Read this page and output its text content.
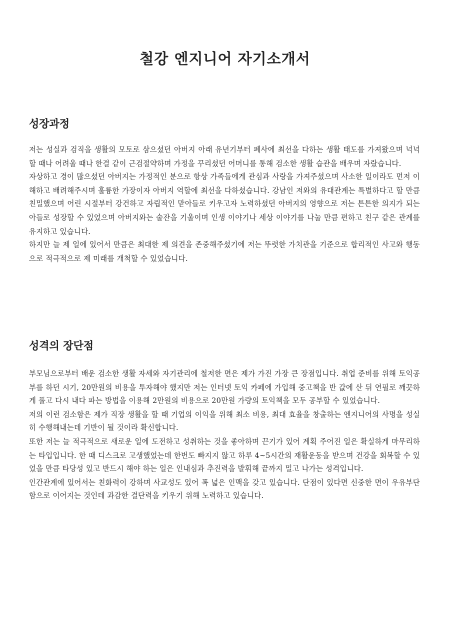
철강 엔지니어 자기소개서
성장과정

저는 성실과 검직을 생활의 모토로 삼으셨던 아버지 아래 유년기부터 폐사에 최선을 다하는 생활 태도를 가져왔으며 넉넉할 때나 어려울 때나 한결 같이 근검절약하며 가정을 꾸리셨던 어머니를 통해 검소한 생활 습관을 배우며 자랐습니다.

자상하고 경이 많으셨던 아버지는 가정적인 분으로 항상 가족들에게 관심과 사랑을 가져주셨으며 사소한 일이라도 먼저 이해하고 배려해주시며 훌륭한 가장이자 아버지 역할에 최선을 다하셨습니다. 강남인 저와의 유대관계는 특별하다고 할 만큼 친밀했으며 어린 시절부터 강건하고 자립적인 맏아들로 키우고자 노력하셨던 아버지의 영향으로 저는 튼튼한 의지가 되는 아들로 성장할 수 있었으며 아버지와는 술잔을 기울이며 인생 이야기나 세상 이야기를 나눌 만큼 편하고 친구 같은 관계를 유지하고 있습니다.

하지만 늘 제 일에 있어서 만큼은 최대한 제 의견을 존중해주셨기에 저는 뚜렷한 가치관을 기준으로 합리적인 사고와 행동으로 적극적으로 제 미래를 개척할 수 있었습니다.

성격의 장단점

부모님으로부터 배운 검소한 생활 자세와 자기관리에 철저한 면은 제가 가진 가장 큰 장점입니다. 취업 준비를 위해 토익공부를 하던 시기, 20만원의 비용을 투자해야 했지만 저는 인터넷 토익 카페에 가입해 중고책을 반 값에 산 뒤 연필로 깨끗하게 풀고 다시 내다 파는 방법을 이용해 2만원의 비용으로 20만원 가량의 토익책을 모두 공부할 수 있었습니다.

저의 이런 검소함은 제가 직장 생활을 할 때 기업의 이익을 위해 최소 비용, 최대 효율을 창출하는 엔지니어의 사명을 성실히 수행해내는데 기반이 될 것이라 확신합니다.

또한 저는 늘 적극적으로 새로운 일에 도전하고 성취하는 것을 좋아하며 끈기가 있어 계획 주어진 일은 확실하게 마무리하는 타입입니다. 한 때 디스크로 고생했었는데 한번도 빠지지 않고 하루 4~5시간의 재활운동을 받으며 건강을 회복할 수 있었을 만큼 타당성 있고 반드시 해야 하는 일은 인내심과 추진력을 발휘해 끝까지 밀고 나가는 성격입니다.

인간관계에 있어서는 친화력이 강하며 사교성도 있어 폭 넓은 인맥을 갖고 있습니다. 단점이 있다면 신중한 면이 우유부단함으로 이어지는 것인데 과감한 결단력을 키우기 위해 노력하고 있습니다.
